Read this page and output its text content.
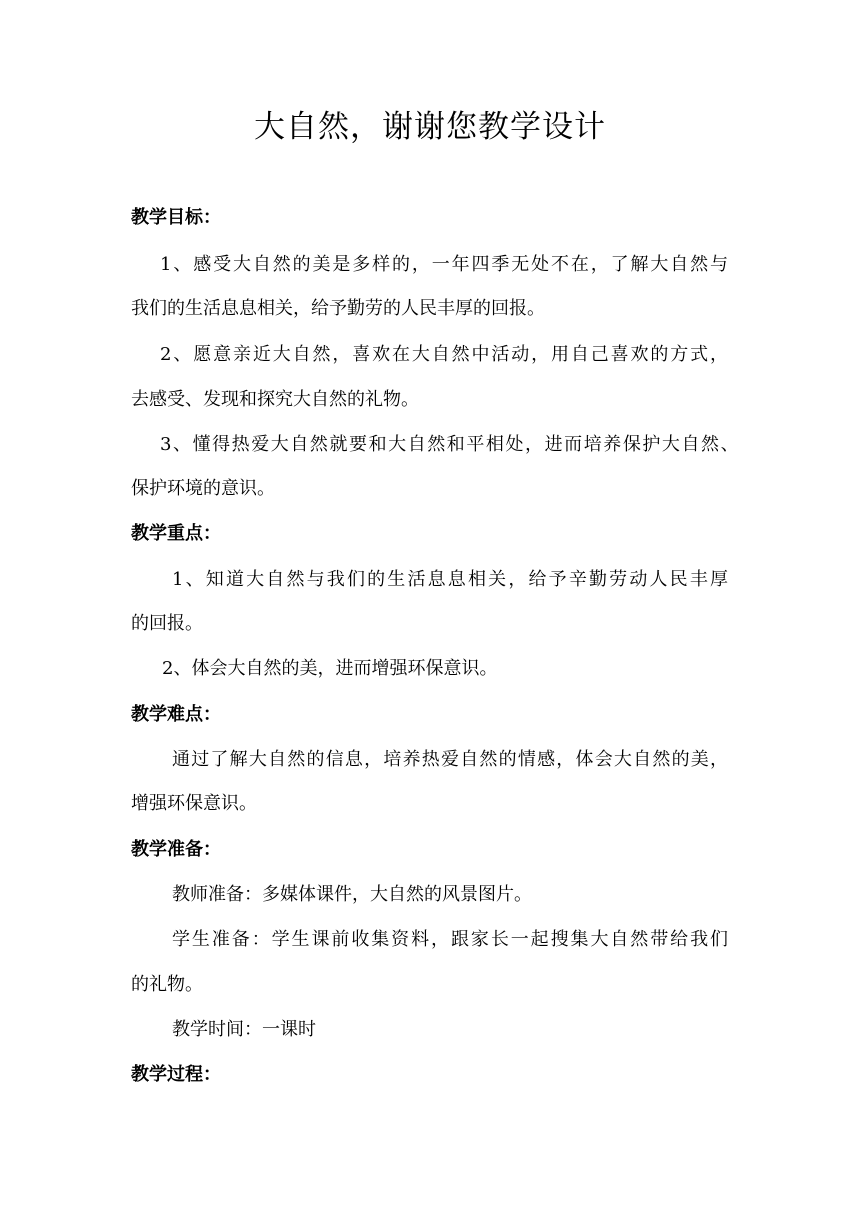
大自然，谢谢您教学设计
教学目标：
1、感受大自然的美是多样的，一年四季无处不在，了解大自然与
我们的生活息息相关，给予勤劳的人民丰厚的回报。
2、愿意亲近大自然，喜欢在大自然中活动，用自己喜欢的方式，
去感受、发现和探究大自然的礼物。
3、懂得热爱大自然就要和大自然和平相处，进而培养保护大自然、
保护环境的意识。
教学重点：
1、知道大自然与我们的生活息息相关，给予辛勤劳动人民丰厚
的回报。
2、体会大自然的美，进而增强环保意识。
教学难点：
通过了解大自然的信息，培养热爱自然的情感，体会大自然的美，
增强环保意识。
教学准备：
教师准备：多媒体课件，大自然的风景图片。
学生准备：学生课前收集资料，跟家长一起搜集大自然带给我们
的礼物。
教学时间：一课时
教学过程：
